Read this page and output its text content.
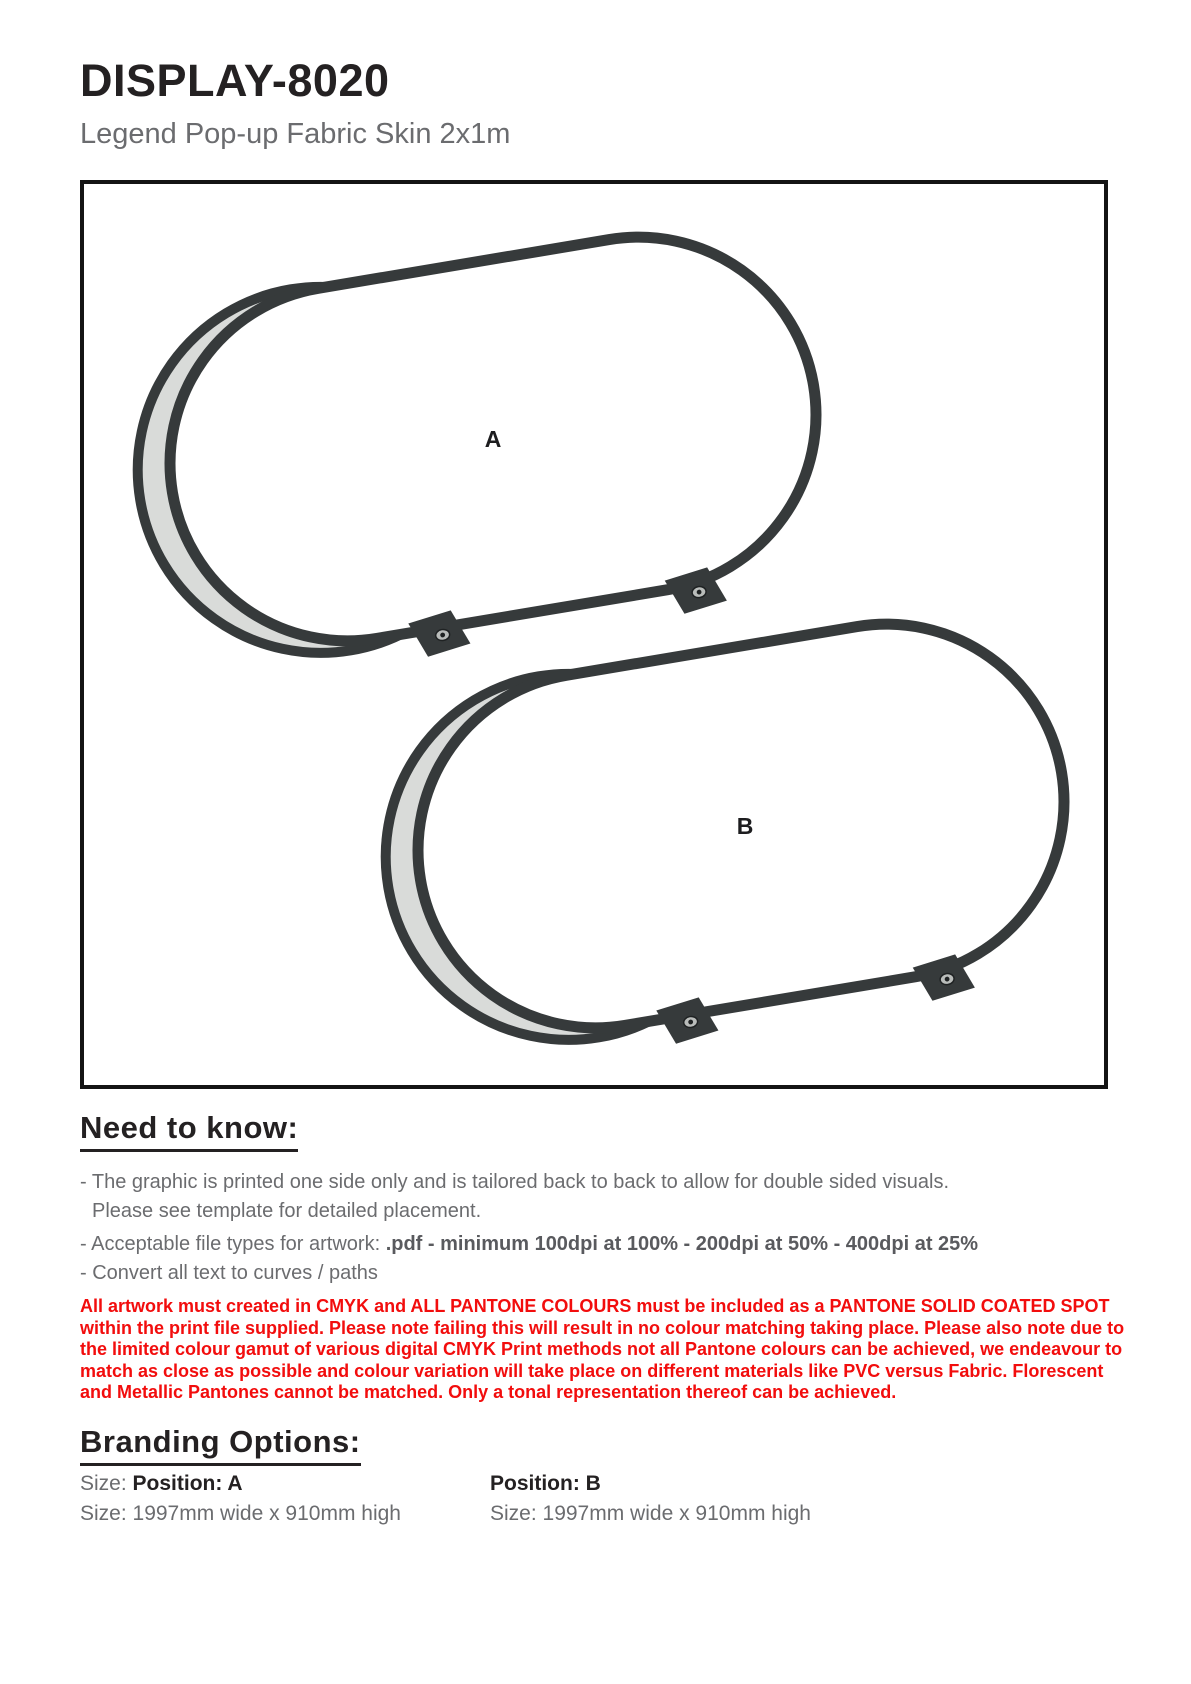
DISPLAY-8020
Legend Pop-up Fabric Skin 2x1m
A
B
Need to know:
- The graphic is printed one side only and is tailored back to back to allow for double sided visuals.
Please see template for detailed placement.
- Acceptable file types for artwork: .pdf - minimum 100dpi at 100% - 200dpi at 50% - 400dpi at 25%
- Convert all text to curves / paths
All artwork must created in CMYK and ALL PANTONE COLOURS must be included as a PANTONE SOLID COATED SPOT within the print file supplied. Please note failing this will result in no colour matching taking place. Please also note due to the limited colour gamut of various digital CMYK Print methods not all Pantone colours can be achieved, we endeavour to match as close as possible and colour variation will take place on different materials like PVC versus Fabric. Florescent and Metallic Pantones cannot be matched. Only a tonal representation thereof can be achieved.
Branding Options:
Size: Position: A
Size: 1997mm wide x 910mm high
Position: B
Size: 1997mm wide x 910mm high
